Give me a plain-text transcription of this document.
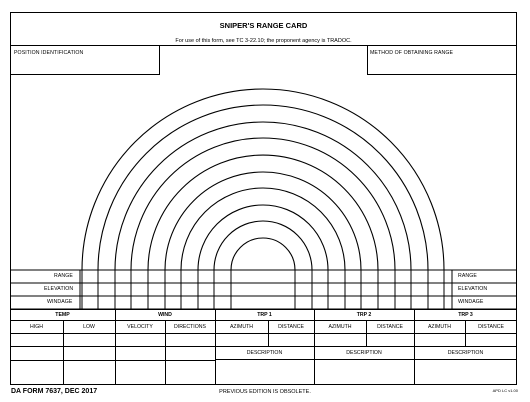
SNIPER'S RANGE CARD
For use of this form, see TC 3-22.10; the proponent agency is TRADOC.
POSITION IDENTIFICATION	METHOD OF OBTAINING RANGE
RANGE
ELEVATION
WINDAGE
RANGE
ELEVATION
WINDAGE
TEMP	WIND	TRP 1	TRP 2	TRP 3
HIGH	LOW	VELOCITY	DIRECTIONS	AZIMUTH	DISTANCE	AZIMUTH	DISTANCE	AZIMUTH	DISTANCE
DESCRIPTION	DESCRIPTION	DESCRIPTION
DA FORM 7637, DEC 2017	PREVIOUS EDITION IS OBSOLETE.	APD LC v1.00
